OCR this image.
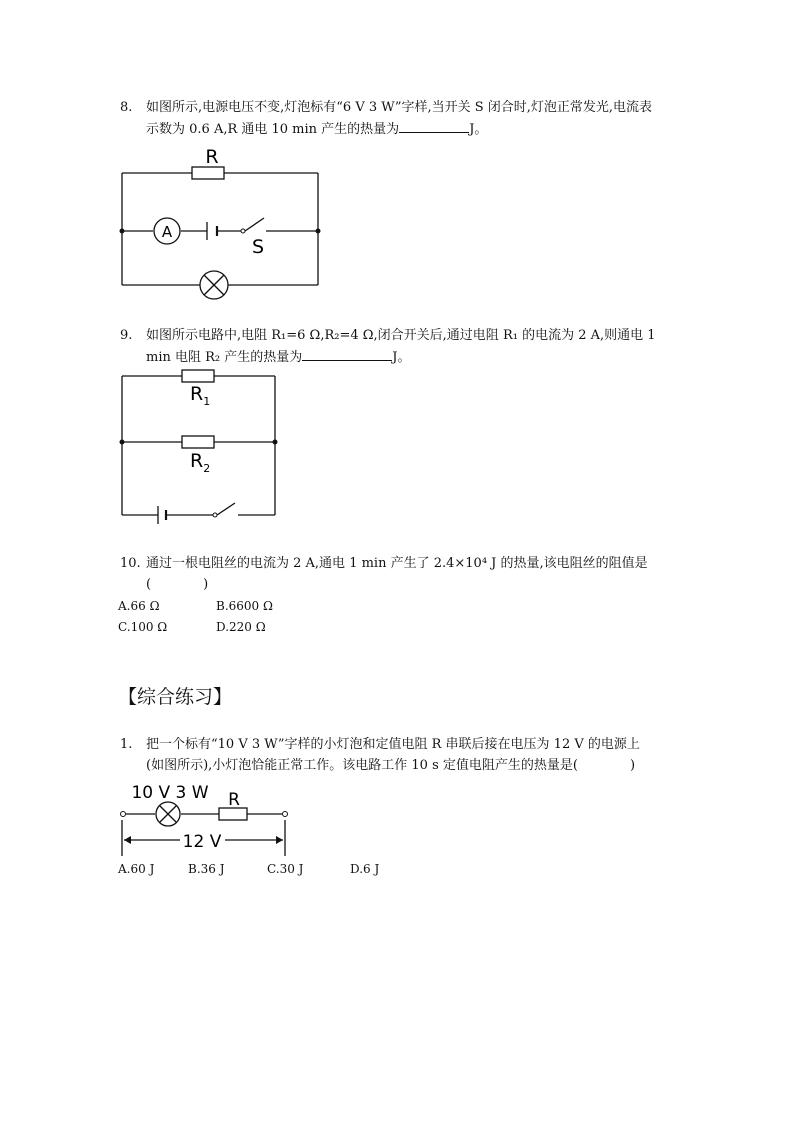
8. 如图所示,电源电压不变,灯泡标有“6 V 3 W”字样,当开关 S 闭合时,灯泡正常发光,电流表
示数为 0.6 A,R 通电 10 min 产生的热量为	J。
R
A
S
9. 如图所示电路中,电阻 R₁=6 Ω,R₂=4 Ω,闭合开关后,通过电阻 R₁ 的电流为 2 A,则通电 1
min 电阻 R₂ 产生的热量为	J。
$R_1$
$R_2$
10. 通过一根电阻丝的电流为 2 A,通电 1 min 产生了 2.4×10⁴ J 的热量,该电阻丝的阻值是
(　　　　)
A.66 Ω	B.6600 Ω
C.100 Ω	D.220 Ω
【综合练习】
1. 把一个标有“10 V 3 W”字样的小灯泡和定值电阻 R 串联后接在电压为 12 V 的电源上
(如图所示),小灯泡恰能正常工作。该电路工作 10 s 定值电阻产生的热量是(　　　　)
10 V 3 W R
12 V
A.60 J	B.36 J	C.30 J	D.6 J
